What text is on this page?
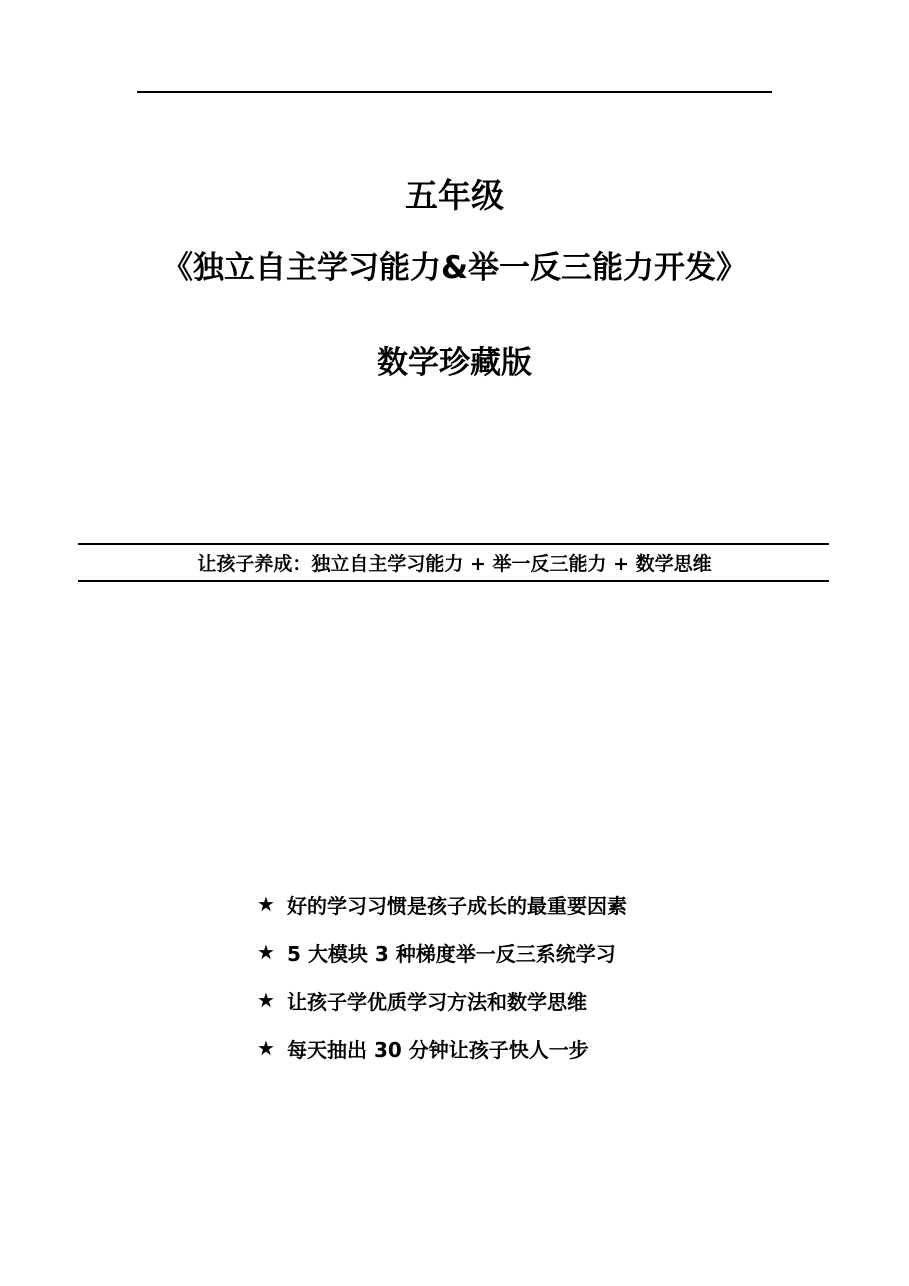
五年级
《独立自主学习能力&举一反三能力开发》
数学珍藏版
让孩子养成：独立自主学习能力 + 举一反三能力 + 数学思维
★ 好的学习习惯是孩子成长的最重要因素
★ 5 大模块 3 种梯度举一反三系统学习
★ 让孩子学优质学习方法和数学思维
★ 每天抽出 30 分钟让孩子快人一步
